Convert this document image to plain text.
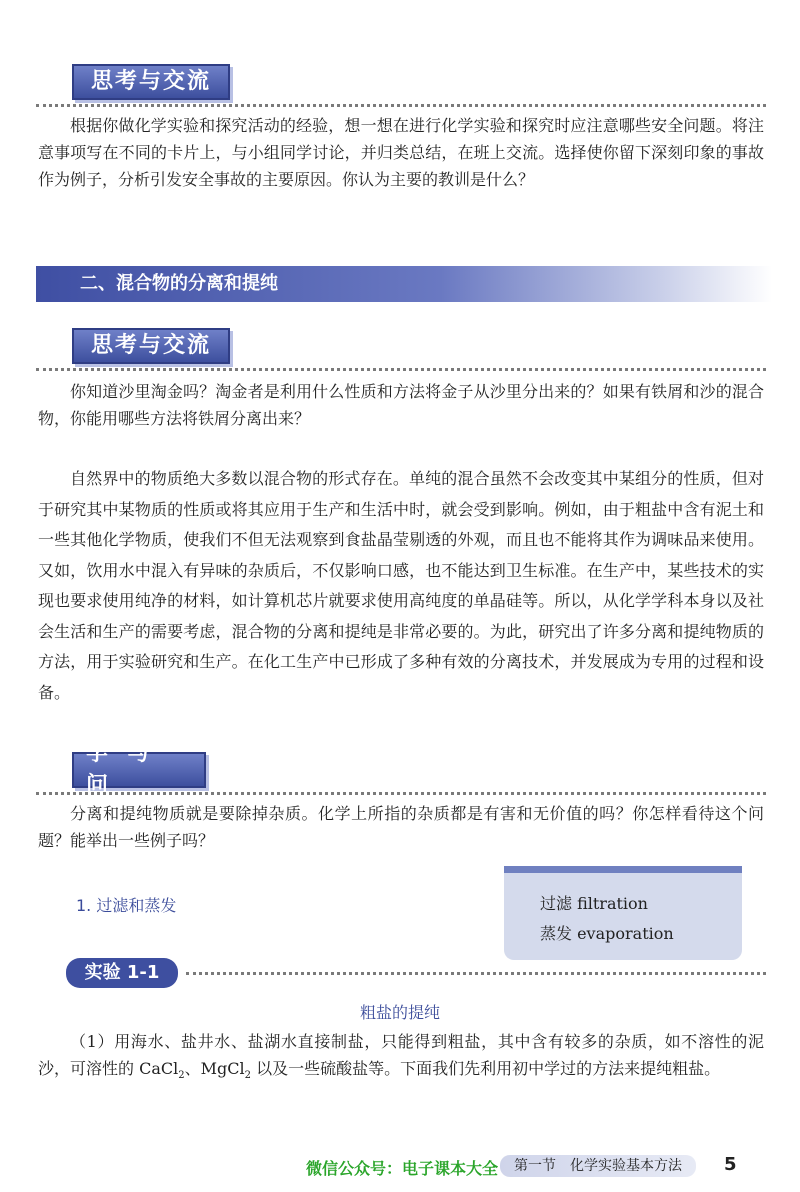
思考与交流
根据你做化学实验和探究活动的经验，想一想在进行化学实验和探究时应注意哪些安全问题。将注意事项写在不同的卡片上，与小组同学讨论，并归类总结，在班上交流。选择使你留下深刻印象的事故作为例子，分析引发安全事故的主要原因。你认为主要的教训是什么？
二、混合物的分离和提纯
思考与交流
你知道沙里淘金吗？淘金者是利用什么性质和方法将金子从沙里分出来的？如果有铁屑和沙的混合物，你能用哪些方法将铁屑分离出来？
自然界中的物质绝大多数以混合物的形式存在。单纯的混合虽然不会改变其中某组分的性质，但对于研究其中某物质的性质或将其应用于生产和生活中时，就会受到影响。例如，由于粗盐中含有泥土和一些其他化学物质，使我们不但无法观察到食盐晶莹剔透的外观，而且也不能将其作为调味品来使用。又如，饮用水中混入有异味的杂质后，不仅影响口感，也不能达到卫生标准。在生产中，某些技术的实现也要求使用纯净的材料，如计算机芯片就要求使用高纯度的单晶硅等。所以，从化学学科本身以及社会生活和生产的需要考虑，混合物的分离和提纯是非常必要的。为此，研究出了许多分离和提纯物质的方法，用于实验研究和生产。在化工生产中已形成了多种有效的分离技术，并发展成为专用的过程和设备。
学 与 问
分离和提纯物质就是要除掉杂质。化学上所指的杂质都是有害和无价值的吗？你怎样看待这个问题？能举出一些例子吗？
1. 过滤和蒸发	过滤 filtration
蒸发 evaporation
实验 1-1
粗盐的提纯
（1）用海水、盐井水、盐湖水直接制盐，只能得到粗盐，其中含有较多的杂质，如不溶性的泥沙，可溶性的 CaCl$_2$、MgCl$_2$ 以及一些硫酸盐等。下面我们先利用初中学过的方法来提纯粗盐。
微信公众号：电子课本大全	第一节　化学实验基本方法	5
